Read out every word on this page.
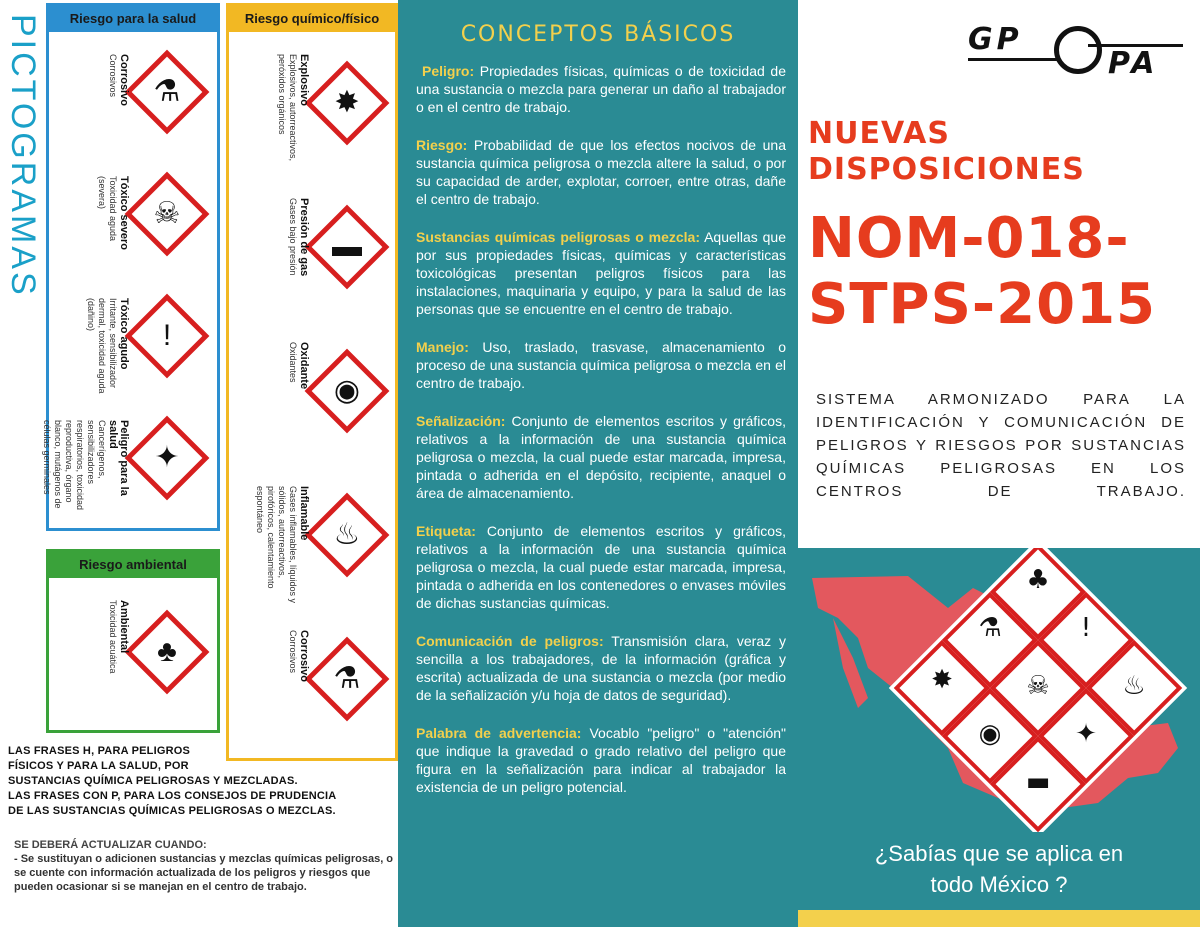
PICTOGRAMAS	Riesgo para la salud
⚗
Corrosivo
Corrosivos
☠
Tóxico severo
Toxicidad aguda (severa)
!
Tóxico agudo
Irritante, sensibilizador dermal, toxicidad aguda (dañino)
✦
Peligro para la salud
Cancerígenos, sensibilizadores respiratorios, toxicidad reproductiva, órgano blanco, mutágenos de células germinales
Riesgo químico/físico
✸
Explosivo
Explosivos, autorreactivos, peróxidos orgánicos
▬
Presión de gas
Gases bajo presión
◉
Oxidante
Oxidantes
♨
Inflamable
Gases inflamables, líquidos y sólidos, autorreactivos, pirofóricos, calentamiento espontáneo
⚗
Corrosivo
Corrosivos
Riesgo ambiental
♣
Ambiental
Toxicidad acuática
LAS FRASES H, PARA PELIGROS
FÍSICOS Y PARA LA SALUD, POR
SUSTANCIAS QUÍMICA PELIGROSAS Y MEZCLADAS.
LAS FRASES CON P, PARA LOS CONSEJOS DE PRUDENCIA
DE LAS SUSTANCIAS QUÍMICAS PELIGROSAS O MEZCLAS.
SE DEBERÁ ACTUALIZAR CUANDO:
- Se sustituyan o adicionen sustancias y mezclas químicas peligrosas, o se cuente con información actualizada de los peligros y riesgos que pueden ocasionar si se manejan en el centro de trabajo.
CONCEPTOS BÁSICOS

Peligro: Propiedades físicas, químicas o de toxicidad de una sustancia o mezcla para generar un daño al trabajador o en el centro de trabajo.

Riesgo: Probabilidad de que los efectos nocivos de una sustancia química peligrosa o mezcla altere la salud, o por su capacidad de arder, explotar, corroer, entre otras, dañe el centro de trabajo.

Sustancias químicas peligrosas o mezcla: Aquellas que por sus propiedades físicas, químicas y características toxicológicas presentan peligros físicos para las instalaciones, maquinaria y equipo, y para la salud de las personas que se encuentre en el centro de trabajo.

Manejo: Uso, traslado, trasvase, almacenamiento o proceso de una sustancia química peligrosa o mezcla en el centro de trabajo.

Señalización: Conjunto de elementos escritos y gráficos, relativos a la información de una sustancia química peligrosa o mezcla, la cual puede estar marcada, impresa, pintada o adherida en el depósito, recipiente, anaquel o área de almacenamiento.

Etiqueta: Conjunto de elementos escritos y gráficos, relativos a la información de una sustancia química peligrosa o mezcla, la cual puede estar marcada, impresa, pintada o adherida en los contenedores o envases móviles de dichas sustancias químicas.

Comunicación de peligros: Transmisión clara, veraz y sencilla a los trabajadores, de la información (gráfica y escrita) actualizada de una sustancia o mezcla (por medio de la señalización y/u hoja de datos de seguridad).

Palabra de advertencia: Vocablo "peligro" o "atención" que indique la gravedad o grado relativo del peligro que figura en la señalización para indicar al trabajador la existencia de un peligro potencial.

GP
PA
NUEVAS
DISPOSICIONES
NOM-018-
STPS-2015
SISTEMA ARMONIZADO PARA LA IDENTIFICACIÓN Y COMUNICACIÓN DE PELIGROS Y RIESGOS POR SUSTANCIAS QUÍMICAS PELIGROSAS EN LOS CENTROS DE TRABAJO.
♣
⚗	!
✸	☠	♨
◉	✦
▬
¿Sabías que se aplica en
todo México ?
